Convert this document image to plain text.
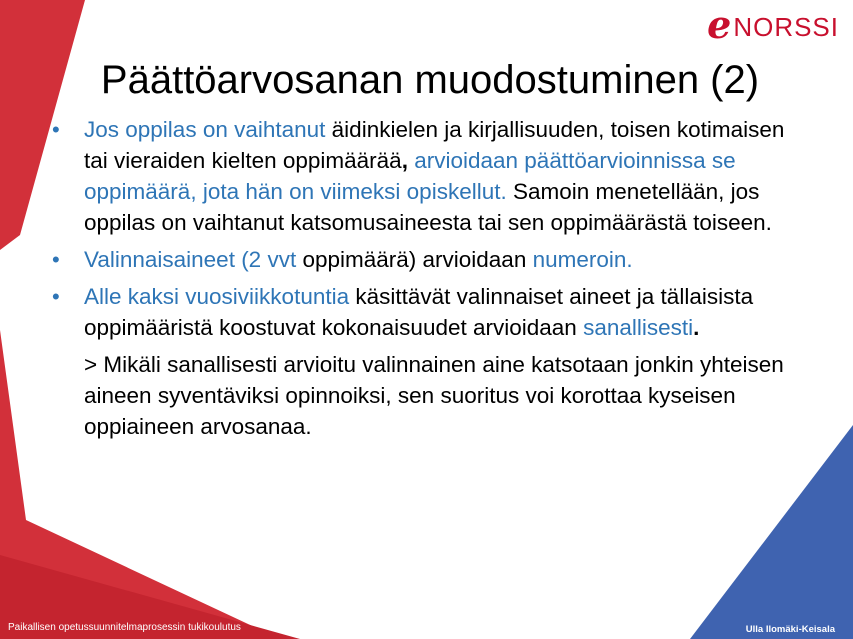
e NORSSI
Päättöarvosanan muodostuminen (2)
• Jos oppilas on vaihtanut äidinkielen ja kirjallisuuden, toisen kotimaisen tai vieraiden kielten oppimäärää, arvioidaan päättöarvioinnissa se oppimäärä, jota hän on viimeksi opiskellut. Samoin menetellään, jos oppilas on vaihtanut katsomusaineesta tai sen oppimäärästä toiseen.
• Valinnaisaineet (2 vvt oppimäärä) arvioidaan numeroin.
• Alle kaksi vuosiviikkotuntia käsittävät valinnaiset aineet ja tällaisista oppimääristä koostuvat kokonaisuudet arvioidaan sanallisesti.
> Mikäli sanallisesti arvioitu valinnainen aine katsotaan jonkin yhteisen aineen syventäviksi opinnoiksi, sen suoritus voi korottaa kyseisen oppiaineen arvosanaa.
Paikallisen opetussuunnitelmaprosessin tukikoulutus	Ulla Ilomäki-Keisala
